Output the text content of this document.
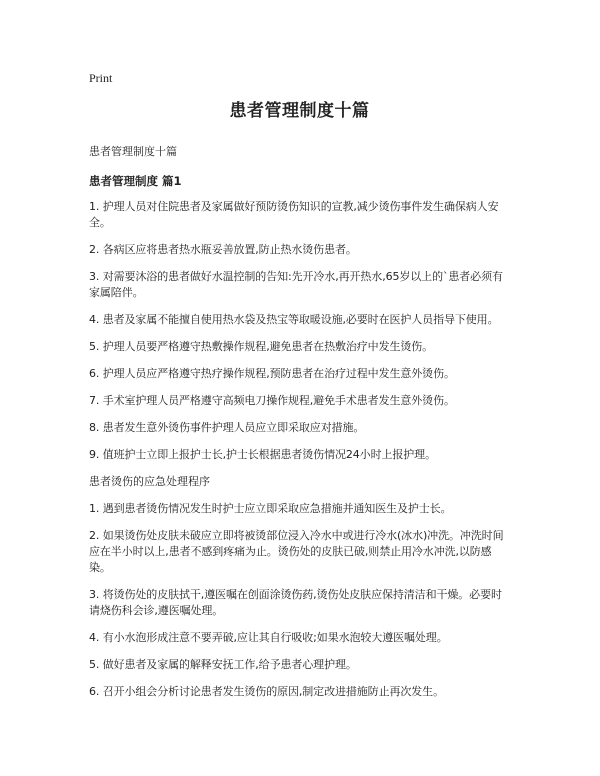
Print
患者管理制度十篇
患者管理制度十篇
患者管理制度 篇1
1. 护理人员对住院患者及家属做好预防烫伤知识的宣教,减少烫伤事件发生确保病人安全。
2. 各病区应将患者热水瓶妥善放置,防止热水烫伤患者。
3. 对需要沐浴的患者做好水温控制的告知:先开冷水,再开热水,65岁以上的`患者必须有家属陪伴。
4. 患者及家属不能擅自使用热水袋及热宝等取暖设施,必要时在医护人员指导下使用。
5. 护理人员要严格遵守热敷操作规程,避免患者在热敷治疗中发生烫伤。
6. 护理人员应严格遵守热疗操作规程,预防患者在治疗过程中发生意外烫伤。
7. 手术室护理人员严格遵守高频电刀操作规程,避免手术患者发生意外烫伤。
8. 患者发生意外烫伤事件护理人员应立即采取应对措施。
9. 值班护士立即上报护士长,护士长根据患者烫伤情况24小时上报护理。
患者烫伤的应急处理程序
1. 遇到患者烫伤情况发生时护士应立即采取应急措施并通知医生及护士长。
2. 如果烫伤处皮肤未破应立即将被烫部位浸入冷水中或进行冷水(冰水)冲洗。冲洗时间应在半小时以上,患者不感到疼痛为止。烫伤处的皮肤已破,则禁止用冷水冲洗,以防感染。
3. 将烫伤处的皮肤拭干,遵医嘱在创面涂烫伤药,烫伤处皮肤应保持清洁和干燥。必要时请烧伤科会诊,遵医嘱处理。
4. 有小水泡形成注意不要弄破,应让其自行吸收;如果水泡较大遵医嘱处理。
5. 做好患者及家属的解释安抚工作,给予患者心理护理。
6. 召开小组会分析讨论患者发生烫伤的原因,制定改进措施防止再次发生。
